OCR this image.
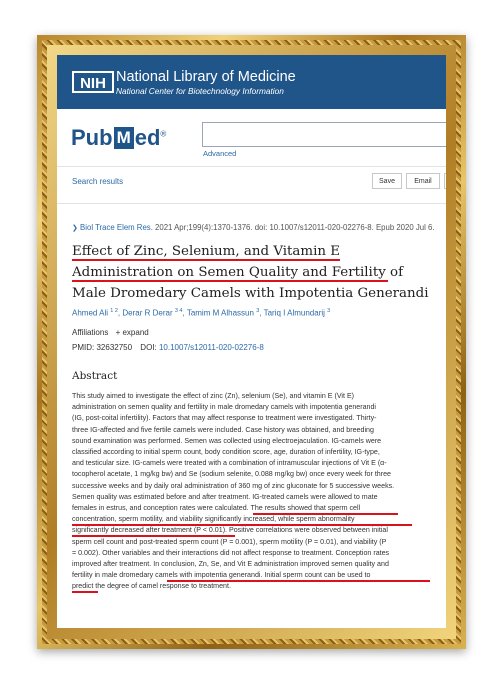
NIH National Library of Medicine
National Center for Biotechnology Information
Pub M ed®
Advanced
Search results	Save	Email
❯ Biol Trace Elem Res. 2021 Apr;199(4):1370-1376. doi: 10.1007/s12011-020-02276-8. Epub 2020 Jul 6.
Effect of Zinc, Selenium, and Vitamin E
Administration on Semen Quality and Fertility of
Male Dromedary Camels with Impotentia Generandi
Ahmed Ali $^{1 2}$, Derar R Derar $^{3 4}$, Tamim M Alhassun $^3$, Tariq I Almundarij $^3$
Affiliations + expand
PMID: 32632750 DOI: 10.1007/s12011-020-02276-8
Abstract
This study aimed to investigate the effect of zinc (Zn), selenium (Se), and vitamin E (Vit E)
administration on semen quality and fertility in male dromedary camels with impotentia generandi
(IG, post-coital infertility). Factors that may affect response to treatment were investigated. Thirty-
three IG-affected and five fertile camels were included. Case history was obtained, and breeding
sound examination was performed. Semen was collected using electroejaculation. IG-camels were
classified according to initial sperm count, body condition score, age, duration of infertility, IG-type,
and testicular size. IG-camels were treated with a combination of intramuscular injections of Vit E (α-
tocopherol acetate, 1 mg/kg bw) and Se (sodium selenite, 0.088 mg/kg bw) once every week for three
successive weeks and by daily oral administration of 360 mg of zinc gluconate for 5 successive weeks.
Semen quality was estimated before and after treatment. IG-treated camels were allowed to mate
females in estrus, and conception rates were calculated. The results showed that sperm cell
concentration, sperm motility, and viability significantly increased, while sperm abnormality
significantly decreased after treatment (P < 0.01). Positive correlations were observed between initial
sperm cell count and post-treated sperm count (P = 0.001), sperm motility (P = 0.01), and viability (P
= 0.002). Other variables and their interactions did not affect response to treatment. Conception rates
improved after treatment. In conclusion, Zn, Se, and Vit E administration improved semen quality and
fertility in male dromedary camels with impotentia generandi. Initial sperm count can be used to
predict the degree of camel response to treatment.
